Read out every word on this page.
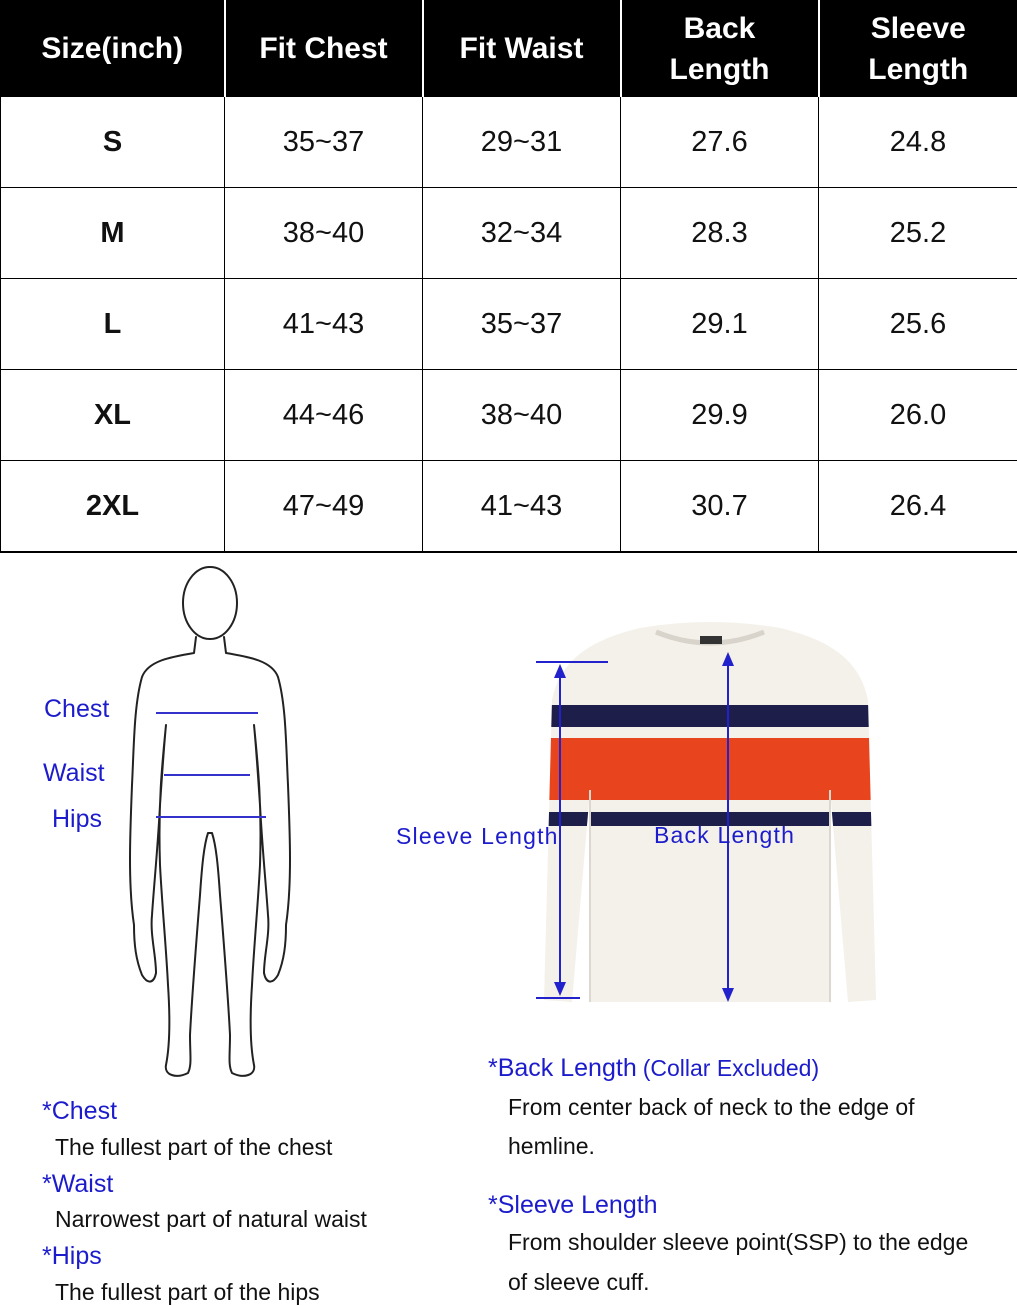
Size(inch)	Fit Chest	Fit Waist	Back Length	Sleeve Length
S	35~37	29~31	27.6	24.8
M	38~40	32~34	28.3	25.2
L	41~43	35~37	29.1	25.6
XL	44~46	38~40	29.9	26.0
2XL	47~49	41~43	30.7	26.4
Chest
Waist
Hips
Sleeve Length	Back Length
*Chest
The fullest part of the chest
*Waist
Narrowest part of natural waist
*Hips
The fullest part of the hips
*Back Length (Collar Excluded)
From center back of neck to the edge of
hemline.
*Sleeve Length
From shoulder sleeve point(SSP) to the edge
of sleeve cuff.
